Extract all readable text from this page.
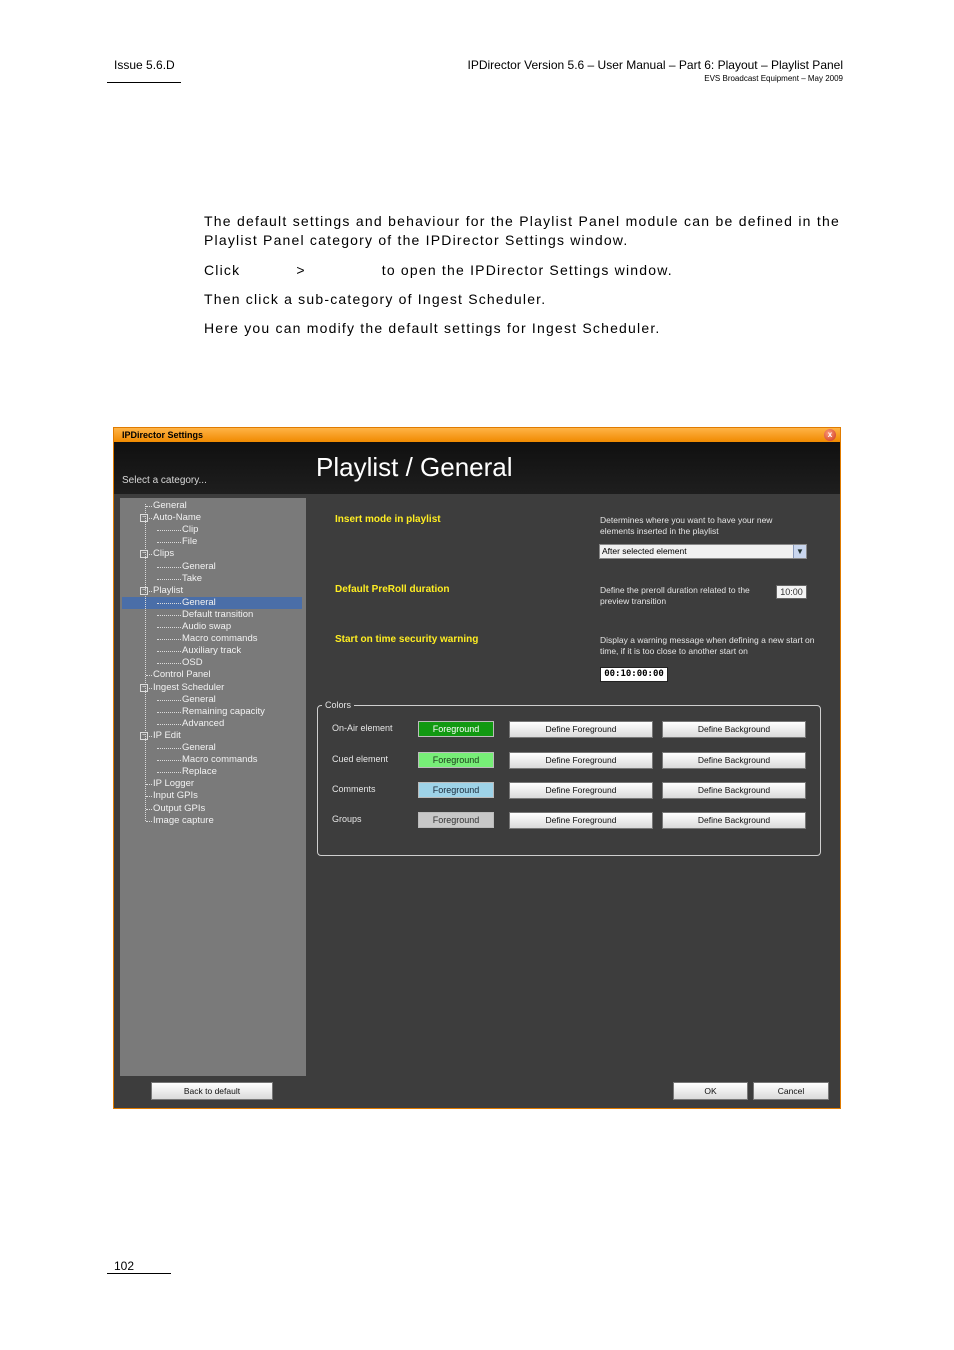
Issue 5.6.D	IPDirector Version 5.6 – User Manual – Part 6: Playout – Playlist Panel
EVS Broadcast Equipment – May 2009
The default settings and behaviour for the Playlist Panel module can be defined in the Playlist Panel category of the IPDirector Settings window.
Click	>	to open the IPDirector Settings window.
Then click a sub-category of Ingest Scheduler.
Here you can modify the default settings for Ingest Scheduler.
IPDirector Settings	x
Select a category...	Playlist / General
General
Auto-Name
−
Clip
File
Clips
−
General
Take
Playlist
−
General
Default transition
Audio swap
Macro commands
Auxiliary track
OSD
Control Panel
Ingest Scheduler
−
General
Remaining capacity
Advanced
IP Edit
−
General
Macro commands
Replace
IP Logger
Input GPIs
Output GPIs
Image capture
Insert mode in playlist	Determines where you want to have your new elements inserted in the playlist
After selected element	▼
Default PreRoll duration	Define the preroll duration related to the preview transition
10:00
Start on time security warning	Display a warning message when defining a new start on time, if it is too close to another start on
00:10:00:00
Colors
On-Air element	Foreground	Define Foreground	Define Background
Cued element	Foreground	Define Foreground	Define Background
Comments	Foreground	Define Foreground	Define Background
Groups	Foreground	Define Foreground	Define Background
Back to default	OK	Cancel
102
